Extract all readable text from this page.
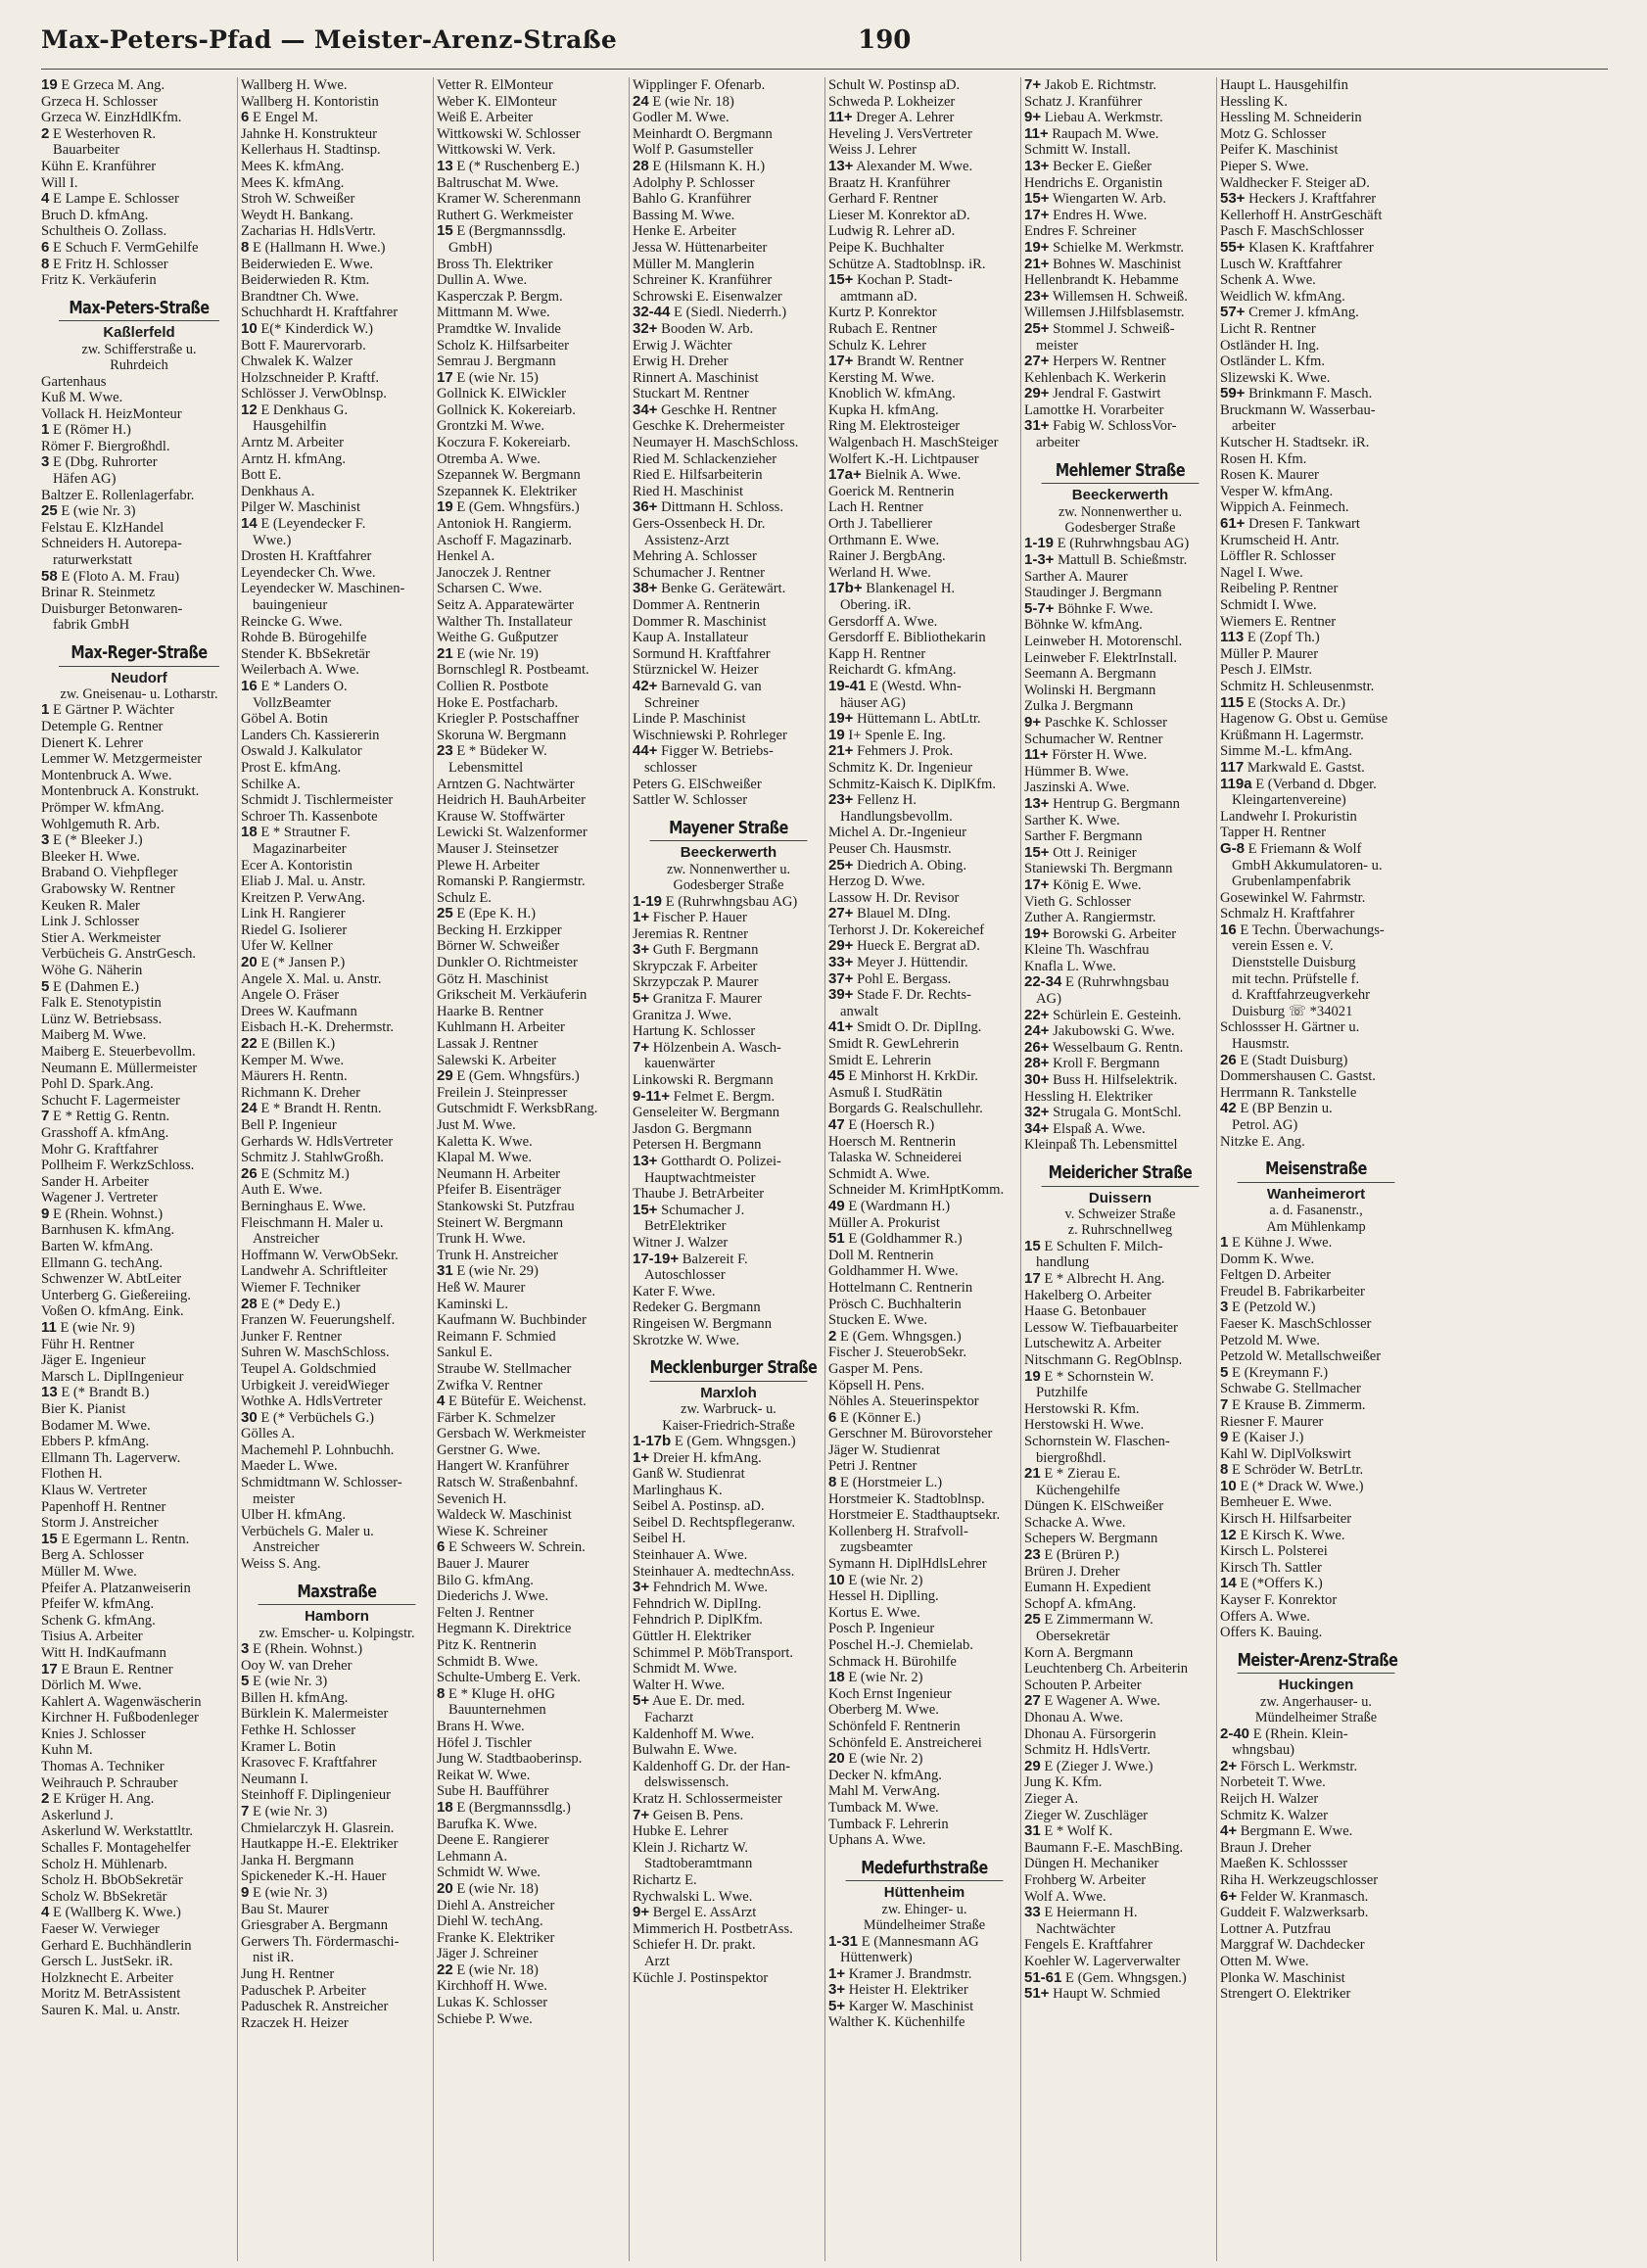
Max-Peters-Pfad — Meister-Arenz-Straße	190
19 E Grzeca M. Ang.
Grzeca H. Schlosser
Grzeca W. EinzHdlKfm.
2 E Westerhoven R.
Bauarbeiter
Kühn E. Kranführer
Will I.
4 E Lampe E. Schlosser
Bruch D. kfmAng.
Schultheis O. Zollass.
6 E Schuch F. VermGehilfe
8 E Fritz H. Schlosser
Fritz K. Verkäuferin
Max-Peters-Straße
Kaßlerfeld
zw. Schifferstraße u.
Ruhrdeich
Gartenhaus
Kuß M. Wwe.
Vollack H. HeizMonteur
1 E (Römer H.)
Römer F. Biergroßhdl.
3 E (Dbg. Ruhrorter
Häfen AG)
Baltzer E. Rollenlagerfabr.
25 E (wie Nr. 3)
Felstau E. KlzHandel
Schneiders H. Autorepa-
raturwerkstatt
58 E (Floto A. M. Frau)
Brinar R. Steinmetz
Duisburger Betonwaren-
fabrik GmbH
Max-Reger-Straße
Neudorf
zw. Gneisenau- u. Lotharstr.
1 E Gärtner P. Wächter
Detemple G. Rentner
Dienert K. Lehrer
Lemmer W. Metzgermeister
Montenbruck A. Wwe.
Montenbruck A. Konstrukt.
Prömper W. kfmAng.
Wohlgemuth R. Arb.
3 E (* Bleeker J.)
Bleeker H. Wwe.
Braband O. Viehpfleger
Grabowsky W. Rentner
Keuken R. Maler
Link J. Schlosser
Stier A. Werkmeister
Verbücheis G. AnstrGesch.
Wöhe G. Näherin
5 E (Dahmen E.)
Falk E. Stenotypistin
Lünz W. Betriebsass.
Maiberg M. Wwe.
Maiberg E. Steuerbevollm.
Neumann E. Müllermeister
Pohl D. Spark.Ang.
Schucht F. Lagermeister
7 E * Rettig G. Rentn.
Grasshoff A. kfmAng.
Mohr G. Kraftfahrer
Pollheim F. WerkzSchloss.
Sander H. Arbeiter
Wagener J. Vertreter
9 E (Rhein. Wohnst.)
Barnhusen K. kfmAng.
Barten W. kfmAng.
Ellmann G. techAng.
Schwenzer W. AbtLeiter
Unterberg G. Gießereiing.
Voßen O. kfmAng. Eink.
11 E (wie Nr. 9)
Führ H. Rentner
Jäger E. Ingenieur
Marsch L. DiplIngenieur
13 E (* Brandt B.)
Bier K. Pianist
Bodamer M. Wwe.
Ebbers P. kfmAng.
Ellmann Th. Lagerverw.
Flothen H.
Klaus W. Vertreter
Papenhoff H. Rentner
Storm J. Anstreicher
15 E Egermann L. Rentn.
Berg A. Schlosser
Müller M. Wwe.
Pfeifer A. Platzanweiserin
Pfeifer W. kfmAng.
Schenk G. kfmAng.
Tisius A. Arbeiter
Witt H. IndKaufmann
17 E Braun E. Rentner
Dörlich M. Wwe.
Kahlert A. Wagenwäscherin
Kirchner H. Fußbodenleger
Knies J. Schlosser
Kuhn M.
Thomas A. Techniker
Weihrauch P. Schrauber
2 E Krüger H. Ang.
Askerlund J.
Askerlund W. Werkstattltr.
Schalles F. Montagehelfer
Scholz H. Mühlenarb.
Scholz H. BbObSekretär
Scholz W. BbSekretär
4 E (Wallberg K. Wwe.)
Faeser W. Verwieger
Gerhard E. Buchhändlerin
Gersch L. JustSekr. iR.
Holzknecht E. Arbeiter
Moritz M. BetrAssistent
Sauren K. Mal. u. Anstr.
Wallberg H. Wwe.
Wallberg H. Kontoristin
6 E Engel M.
Jahnke H. Konstrukteur
Kellerhaus H. Stadtinsp.
Mees K. kfmAng.
Mees K. kfmAng.
Stroh W. Schweißer
Weydt H. Bankang.
Zacharias H. HdlsVertr.
8 E (Hallmann H. Wwe.)
Beiderwieden E. Wwe.
Beiderwieden R. Ktm.
Brandtner Ch. Wwe.
Schuchhardt H. Kraftfahrer
10 E(* Kinderdick W.)
Bott F. Maurervorarb.
Chwalek K. Walzer
Holzschneider P. Kraftf.
Schlösser J. VerwOblnsp.
12 E Denkhaus G.
Hausgehilfin
Arntz M. Arbeiter
Arntz H. kfmAng.
Bott E.
Denkhaus A.
Pilger W. Maschinist
14 E (Leyendecker F.
Wwe.)
Drosten H. Kraftfahrer
Leyendecker Ch. Wwe.
Leyendecker W. Maschinen-
bauingenieur
Reincke G. Wwe.
Rohde B. Bürogehilfe
Stender K. BbSekretär
Weilerbach A. Wwe.
16 E * Landers O.
VollzBeamter
Göbel A. Botin
Landers Ch. Kassiererin
Oswald J. Kalkulator
Prost E. kfmAng.
Schilke A.
Schmidt J. Tischlermeister
Schroer Th. Kassenbote
18 E * Strautner F.
Magazinarbeiter
Ecer A. Kontoristin
Eliab J. Mal. u. Anstr.
Kreitzen P. VerwAng.
Link H. Rangierer
Riedel G. Isolierer
Ufer W. Kellner
20 E (* Jansen P.)
Angele X. Mal. u. Anstr.
Angele O. Fräser
Drees W. Kaufmann
Eisbach H.-K. Drehermstr.
22 E (Billen K.)
Kemper M. Wwe.
Mäurers H. Rentn.
Richmann K. Dreher
24 E * Brandt H. Rentn.
Bell P. Ingenieur
Gerhards W. HdlsVertreter
Schmitz J. StahlwGroßh.
26 E (Schmitz M.)
Auth E. Wwe.
Berninghaus E. Wwe.
Fleischmann H. Maler u.
Anstreicher
Hoffmann W. VerwObSekr.
Landwehr A. Schriftleiter
Wiemer F. Techniker
28 E (* Dedy E.)
Franzen W. Feuerungshelf.
Junker F. Rentner
Suhren W. MaschSchloss.
Teupel A. Goldschmied
Urbigkeit J. vereidWieger
Wothke A. HdlsVertreter
30 E (* Verbüchels G.)
Gölles A.
Machemehl P. Lohnbuchh.
Maeder L. Wwe.
Schmidtmann W. Schlosser-
meister
Ulber H. kfmAng.
Verbüchels G. Maler u.
Anstreicher
Weiss S. Ang.
Maxstraße
Hamborn
zw. Emscher- u. Kolpingstr.
3 E (Rhein. Wohnst.)
Ooy W. van Dreher
5 E (wie Nr. 3)
Billen H. kfmAng.
Bürklein K. Malermeister
Fethke H. Schlosser
Kramer L. Botin
Krasovec F. Kraftfahrer
Neumann I.
Steinhoff F. Diplingenieur
7 E (wie Nr. 3)
Chmielarczyk H. Glasrein.
Hautkappe H.-E. Elektriker
Janka H. Bergmann
Spickeneder K.-H. Hauer
9 E (wie Nr. 3)
Bau St. Maurer
Griesgraber A. Bergmann
Gerwers Th. Fördermaschi-
nist iR.
Jung H. Rentner
Paduschek P. Arbeiter
Paduschek R. Anstreicher
Rzaczek H. Heizer
Vetter R. ElMonteur
Weber K. ElMonteur
Weiß E. Arbeiter
Wittkowski W. Schlosser
Wittkowski W. Verk.
13 E (* Ruschenberg E.)
Baltruschat M. Wwe.
Kramer W. Scherenmann
Ruthert G. Werkmeister
15 E (Bergmannssdlg.
GmbH)
Bross Th. Elektriker
Dullin A. Wwe.
Kasperczak P. Bergm.
Mittmann M. Wwe.
Pramdtke W. Invalide
Scholz K. Hilfsarbeiter
Semrau J. Bergmann
17 E (wie Nr. 15)
Gollnick K. ElWickler
Gollnick K. Kokereiarb.
Grontzki M. Wwe.
Koczura F. Kokereiarb.
Otremba A. Wwe.
Szepannek W. Bergmann
Szepannek K. Elektriker
19 E (Gem. Whngsfürs.)
Antoniok H. Rangierm.
Aschoff F. Magazinarb.
Henkel A.
Janoczek J. Rentner
Scharsen C. Wwe.
Seitz A. Apparatewärter
Walther Th. Installateur
Weithe G. Gußputzer
21 E (wie Nr. 19)
Bornschlegl R. Postbeamt.
Collien R. Postbote
Hoke E. Postfacharb.
Kriegler P. Postschaffner
Skoruna W. Bergmann
23 E * Büdeker W.
Lebensmittel
Arntzen G. Nachtwärter
Heidrich H. BauhArbeiter
Krause W. Stoffwärter
Lewicki St. Walzenformer
Mauser J. Steinsetzer
Plewe H. Arbeiter
Romanski P. Rangiermstr.
Schulz E.
25 E (Epe K. H.)
Becking H. Erzkipper
Börner W. Schweißer
Dunkler O. Richtmeister
Götz H. Maschinist
Grikscheit M. Verkäuferin
Haarke B. Rentner
Kuhlmann H. Arbeiter
Lassak J. Rentner
Salewski K. Arbeiter
29 E (Gem. Whngsfürs.)
Freilein J. Steinpresser
Gutschmidt F. WerksbRang.
Just M. Wwe.
Kaletta K. Wwe.
Klapal M. Wwe.
Neumann H. Arbeiter
Pfeifer B. Eisenträger
Stankowski St. Putzfrau
Steinert W. Bergmann
Trunk H. Wwe.
Trunk H. Anstreicher
31 E (wie Nr. 29)
Heß W. Maurer
Kaminski L.
Kaufmann W. Buchbinder
Reimann F. Schmied
Sankul E.
Straube W. Stellmacher
Zwifka V. Rentner
4 E Bütefür E. Weichenst.
Färber K. Schmelzer
Gersbach W. Werkmeister
Gerstner G. Wwe.
Hangert W. Kranführer
Ratsch W. Straßenbahnf.
Sevenich H.
Waldeck W. Maschinist
Wiese K. Schreiner
6 E Schweers W. Schrein.
Bauer J. Maurer
Bilo G. kfmAng.
Diederichs J. Wwe.
Felten J. Rentner
Hegmann K. Direktrice
Pitz K. Rentnerin
Schmidt B. Wwe.
Schulte-Umberg E. Verk.
8 E * Kluge H. oHG
Bauunternehmen
Brans H. Wwe.
Höfel J. Tischler
Jung W. Stadtbaoberinsp.
Reikat W. Wwe.
Sube H. Baufführer
18 E (Bergmannssdlg.)
Barufka K. Wwe.
Deene E. Rangierer
Lehmann A.
Schmidt W. Wwe.
20 E (wie Nr. 18)
Diehl A. Anstreicher
Diehl W. techAng.
Franke K. Elektriker
Jäger J. Schreiner
22 E (wie Nr. 18)
Kirchhoff H. Wwe.
Lukas K. Schlosser
Schiebe P. Wwe.
Wipplinger F. Ofenarb.
24 E (wie Nr. 18)
Godler M. Wwe.
Meinhardt O. Bergmann
Wolf P. Gasumsteller
28 E (Hilsmann K. H.)
Adolphy P. Schlosser
Bahlo G. Kranführer
Bassing M. Wwe.
Henke E. Arbeiter
Jessa W. Hüttenarbeiter
Müller M. Manglerin
Schreiner K. Kranführer
Schrowski E. Eisenwalzer
32-44 E (Siedl. Niederrh.)
32+ Booden W. Arb.
Erwig J. Wächter
Erwig H. Dreher
Rinnert A. Maschinist
Stuckart M. Rentner
34+ Geschke H. Rentner
Geschke K. Drehermeister
Neumayer H. MaschSchloss.
Ried M. Schlackenzieher
Ried E. Hilfsarbeiterin
Ried H. Maschinist
36+ Dittmann H. Schloss.
Gers-Ossenbeck H. Dr.
Assistenz-Arzt
Mehring A. Schlosser
Schumacher J. Rentner
38+ Benke G. Gerätewärt.
Dommer A. Rentnerin
Dommer R. Maschinist
Kaup A. Installateur
Sormund H. Kraftfahrer
Stürznickel W. Heizer
42+ Barnevald G. van
Schreiner
Linde P. Maschinist
Wischniewski P. Rohrleger
44+ Figger W. Betriebs-
schlosser
Peters G. ElSchweißer
Sattler W. Schlosser
Mayener Straße
Beeckerwerth
zw. Nonnenwerther u.
Godesberger Straße
1-19 E (Ruhrwhngsbau AG)
1+ Fischer P. Hauer
Jeremias R. Rentner
3+ Guth F. Bergmann
Skrypczak F. Arbeiter
Skrzypczak P. Maurer
5+ Granitza F. Maurer
Granitza J. Wwe.
Hartung K. Schlosser
7+ Hölzenbein A. Wasch-
kauenwärter
Linkowski R. Bergmann
9-11+ Felmet E. Bergm.
Genseleiter W. Bergmann
Jasdon G. Bergmann
Petersen H. Bergmann
13+ Gotthardt O. Polizei-
Hauptwachtmeister
Thaube J. BetrArbeiter
15+ Schumacher J.
BetrElektriker
Witner J. Walzer
17-19+ Balzereit F.
Autoschlosser
Kater F. Wwe.
Redeker G. Bergmann
Ringeisen W. Bergmann
Skrotzke W. Wwe.
Mecklenburger Straße
Marxloh
zw. Warbruck- u.
Kaiser-Friedrich-Straße
1-17b E (Gem. Whngsgen.)
1+ Dreier H. kfmAng.
Ganß W. Studienrat
Marlinghaus K.
Seibel A. Postinsp. aD.
Seibel D. Rechtspflegeranw.
Seibel H.
Steinhauer A. Wwe.
Steinhauer A. medtechnAss.
3+ Fehndrich M. Wwe.
Fehndrich W. DiplIng.
Fehndrich P. DiplKfm.
Güttler H. Elektriker
Schimmel P. MöbTransport.
Schmidt M. Wwe.
Walter H. Wwe.
5+ Aue E. Dr. med.
Facharzt
Kaldenhoff M. Wwe.
Bulwahn E. Wwe.
Kaldenhoff G. Dr. der Han-
delswissensch.
Kratz H. Schlossermeister
7+ Geisen B. Pens.
Hubke E. Lehrer
Klein J. Richartz W.
Stadtoberamtmann
Richartz E.
Rychwalski L. Wwe.
9+ Bergel E. AssArzt
Mimmerich H. PostbetrAss.
Schiefer H. Dr. prakt.
Arzt
Küchle J. Postinspektor
Schult W. Postinsp aD.
Schweda P. Lokheizer
11+ Dreger A. Lehrer
Heveling J. VersVertreter
Weiss J. Lehrer
13+ Alexander M. Wwe.
Braatz H. Kranführer
Gerhard F. Rentner
Lieser M. Konrektor aD.
Ludwig R. Lehrer aD.
Peipe K. Buchhalter
Schütze A. Stadtoblnsp. iR.
15+ Kochan P. Stadt-
amtmann aD.
Kurtz P. Konrektor
Rubach E. Rentner
Schulz K. Lehrer
17+ Brandt W. Rentner
Kersting M. Wwe.
Knoblich W. kfmAng.
Kupka H. kfmAng.
Ring M. Elektrosteiger
Walgenbach H. MaschSteiger
Wolfert K.-H. Lichtpauser
17a+ Bielnik A. Wwe.
Goerick M. Rentnerin
Lach H. Rentner
Orth J. Tabellierer
Orthmann E. Wwe.
Rainer J. BergbAng.
Werland H. Wwe.
17b+ Blankenagel H.
Obering. iR.
Gersdorff A. Wwe.
Gersdorff E. Bibliothekarin
Kapp H. Rentner
Reichardt G. kfmAng.
19-41 E (Westd. Whn-
häuser AG)
19+ Hüttemann L. AbtLtr.
19 I+ Spenle E. Ing.
21+ Fehmers J. Prok.
Schmitz K. Dr. Ingenieur
Schmitz-Kaisch K. DiplKfm.
23+ Fellenz H.
Handlungsbevollm.
Michel A. Dr.-Ingenieur
Peuser Ch. Hausmstr.
25+ Diedrich A. Obing.
Herzog D. Wwe.
Lassow H. Dr. Revisor
27+ Blauel M. DIng.
Terhorst J. Dr. Kokereichef
29+ Hueck E. Bergrat aD.
33+ Meyer J. Hüttendir.
37+ Pohl E. Bergass.
39+ Stade F. Dr. Rechts-
anwalt
41+ Smidt O. Dr. DiplIng.
Smidt R. GewLehrerin
Smidt E. Lehrerin
45 E Minhorst H. KrkDir.
Asmuß I. StudRätin
Borgards G. Realschullehr.
47 E (Hoersch R.)
Hoersch M. Rentnerin
Talaska W. Schneiderei
Schmidt A. Wwe.
Schneider M. KrimHptKomm.
49 E (Wardmann H.)
Müller A. Prokurist
51 E (Goldhammer R.)
Doll M. Rentnerin
Goldhammer H. Wwe.
Hottelmann C. Rentnerin
Prösch C. Buchhalterin
Stucken E. Wwe.
2 E (Gem. Whngsgen.)
Fischer J. SteuerobSekr.
Gasper M. Pens.
Köpsell H. Pens.
Nöhles A. Steuerinspektor
6 E (Könner E.)
Gerschner M. Bürovorsteher
Jäger W. Studienrat
Petri J. Rentner
8 E (Horstmeier L.)
Horstmeier K. Stadtoblnsp.
Horstmeier E. Stadthauptsekr.
Kollenberg H. Strafvoll-
zugsbeamter
Symann H. DiplHdlsLehrer
10 E (wie Nr. 2)
Hessel H. Diplling.
Kortus E. Wwe.
Posch P. Ingenieur
Poschel H.-J. Chemielab.
Schmack H. Bürohilfe
18 E (wie Nr. 2)
Koch Ernst Ingenieur
Oberberg M. Wwe.
Schönfeld F. Rentnerin
Schönfeld E. Anstreicherei
20 E (wie Nr. 2)
Decker N. kfmAng.
Mahl M. VerwAng.
Tumback M. Wwe.
Tumback F. Lehrerin
Uphans A. Wwe.
Medefurthstraße
Hüttenheim
zw. Ehinger- u.
Mündelheimer Straße
1-31 E (Mannesmann AG
Hüttenwerk)
1+ Kramer J. Brandmstr.
3+ Heister H. Elektriker
5+ Karger W. Maschinist
Walther K. Küchenhilfe
7+ Jakob E. Richtmstr.
Schatz J. Kranführer
9+ Liebau A. Werkmstr.
11+ Raupach M. Wwe.
Schmitt W. Install.
13+ Becker E. Gießer
Hendrichs E. Organistin
15+ Wiengarten W. Arb.
17+ Endres H. Wwe.
Endres F. Schreiner
19+ Schielke M. Werkmstr.
21+ Bohnes W. Maschinist
Hellenbrandt K. Hebamme
23+ Willemsen H. Schweiß.
Willemsen J.Hilfsblasemstr.
25+ Stommel J. Schweiß-
meister
27+ Herpers W. Rentner
Kehlenbach K. Werkerin
29+ Jendral F. Gastwirt
Lamottke H. Vorarbeiter
31+ Fabig W. SchlossVor-
arbeiter
Mehlemer Straße
Beeckerwerth
zw. Nonnenwerther u.
Godesberger Straße
1-19 E (Ruhrwhngsbau AG)
1-3+ Mattull B. Schießmstr.
Sarther A. Maurer
Staudinger J. Bergmann
5-7+ Böhnke F. Wwe.
Böhnke W. kfmAng.
Leinweber H. Motorenschl.
Leinweber F. ElektrInstall.
Seemann A. Bergmann
Wolinski H. Bergmann
Zulka J. Bergmann
9+ Paschke K. Schlosser
Schumacher W. Rentner
11+ Förster H. Wwe.
Hümmer B. Wwe.
Jaszinski A. Wwe.
13+ Hentrup G. Bergmann
Sarther K. Wwe.
Sarther F. Bergmann
15+ Ott J. Reiniger
Staniewski Th. Bergmann
17+ König E. Wwe.
Vieth G. Schlosser
Zuther A. Rangiermstr.
19+ Borowski G. Arbeiter
Kleine Th. Waschfrau
Knafla L. Wwe.
22-34 E (Ruhrwhngsbau
AG)
22+ Schürlein E. Gesteinh.
24+ Jakubowski G. Wwe.
26+ Wesselbaum G. Rentn.
28+ Kroll F. Bergmann
30+ Buss H. Hilfselektrik.
Hessling H. Elektriker
32+ Strugala G. MontSchl.
34+ Elspaß A. Wwe.
Kleinpaß Th. Lebensmittel
Meidericher Straße
Duissern
v. Schweizer Straße
z. Ruhrschnellweg
15 E Schulten F. Milch-
handlung
17 E * Albrecht H. Ang.
Hakelberg O. Arbeiter
Haase G. Betonbauer
Lessow W. Tiefbauarbeiter
Lutschewitz A. Arbeiter
Nitschmann G. RegOblnsp.
19 E * Schornstein W.
Putzhilfe
Herstowski R. Kfm.
Herstowski H. Wwe.
Schornstein W. Flaschen-
biergroßhdl.
21 E * Zierau E.
Küchengehilfe
Düngen K. ElSchweißer
Schacke A. Wwe.
Schepers W. Bergmann
23 E (Brüren P.)
Brüren J. Dreher
Eumann H. Expedient
Schopf A. kfmAng.
25 E Zimmermann W.
Obersekretär
Korn A. Bergmann
Leuchtenberg Ch. Arbeiterin
Schouten P. Arbeiter
27 E Wagener A. Wwe.
Dhonau A. Wwe.
Dhonau A. Fürsorgerin
Schmitz H. HdlsVertr.
29 E (Zieger J. Wwe.)
Jung K. Kfm.
Zieger A.
Zieger W. Zuschläger
31 E * Wolf K.
Baumann F.-E. MaschBing.
Düngen H. Mechaniker
Frohberg W. Arbeiter
Wolf A. Wwe.
33 E Heiermann H.
Nachtwächter
Fengels E. Kraftfahrer
Koehler W. Lagerverwalter
51-61 E (Gem. Whngsgen.)
51+ Haupt W. Schmied
Haupt L. Hausgehilfin
Hessling K.
Hessling M. Schneiderin
Motz G. Schlosser
Peifer K. Maschinist
Pieper S. Wwe.
Waldhecker F. Steiger aD.
53+ Heckers J. Kraftfahrer
Kellerhoff H. AnstrGeschäft
Pasch F. MaschSchlosser
55+ Klasen K. Kraftfahrer
Lusch W. Kraftfahrer
Schenk A. Wwe.
Weidlich W. kfmAng.
57+ Cremer J. kfmAng.
Licht R. Rentner
Ostländer H. Ing.
Ostländer L. Kfm.
Slizewski K. Wwe.
59+ Brinkmann F. Masch.
Bruckmann W. Wasserbau-
arbeiter
Kutscher H. Stadtsekr. iR.
Rosen H. Kfm.
Rosen K. Maurer
Vesper W. kfmAng.
Wippich A. Feinmech.
61+ Dresen F. Tankwart
Krumscheid H. Antr.
Löffler R. Schlosser
Nagel I. Wwe.
Reibeling P. Rentner
Schmidt I. Wwe.
Wiemers E. Rentner
113 E (Zopf Th.)
Müller P. Maurer
Pesch J. ElMstr.
Schmitz H. Schleusenmstr.
115 E (Stocks A. Dr.)
Hagenow G. Obst u. Gemüse
Krüßmann H. Lagermstr.
Simme M.-L. kfmAng.
117 Markwald E. Gastst.
119a E (Verband d. Dbger.
Kleingartenvereine)
Landwehr I. Prokuristin
Tapper H. Rentner
G-8 E Friemann & Wolf
GmbH Akkumulatoren- u.
Grubenlampenfabrik
Gosewinkel W. Fahrmstr.
Schmalz H. Kraftfahrer
16 E Techn. Überwachungs-
verein Essen e. V.
Dienststelle Duisburg
mit techn. Prüfstelle f.
d. Kraftfahrzeugverkehr
Duisburg ☏ *34021
Schlossser H. Gärtner u.
Hausmstr.
26 E (Stadt Duisburg)
Dommershausen C. Gastst.
Herrmann R. Tankstelle
42 E (BP Benzin u.
Petrol. AG)
Nitzke E. Ang.
Meisenstraße
Wanheimerort
a. d. Fasanenstr.,
Am Mühlenkamp
1 E Kühne J. Wwe.
Domm K. Wwe.
Feltgen D. Arbeiter
Freudel B. Fabrikarbeiter
3 E (Petzold W.)
Faeser K. MaschSchlosser
Petzold M. Wwe.
Petzold W. Metallschweißer
5 E (Kreymann F.)
Schwabe G. Stellmacher
7 E Krause B. Zimmerm.
Riesner F. Maurer
9 E (Kaiser J.)
Kahl W. DiplVolkswirt
8 E Schröder W. BetrLtr.
10 E (* Drack W. Wwe.)
Bemheuer E. Wwe.
Kirsch H. Hilfsarbeiter
12 E Kirsch K. Wwe.
Kirsch L. Polsterei
Kirsch Th. Sattler
14 E (*Offers K.)
Kayser F. Konrektor
Offers A. Wwe.
Offers K. Bauing.
Meister-Arenz-Straße
Huckingen
zw. Angerhauser- u.
Mündelheimer Straße
2-40 E (Rhein. Klein-
whngsbau)
2+ Försch L. Werkmstr.
Norbeteit T. Wwe.
Reijch H. Walzer
Schmitz K. Walzer
4+ Bergmann E. Wwe.
Braun J. Dreher
Maeßen K. Schlossser
Riha H. Werkzeugschlosser
6+ Felder W. Kranmasch.
Guddeit F. Walzwerksarb.
Lottner A. Putzfrau
Marggraf W. Dachdecker
Otten M. Wwe.
Plonka W. Maschinist
Strengert O. Elektriker
